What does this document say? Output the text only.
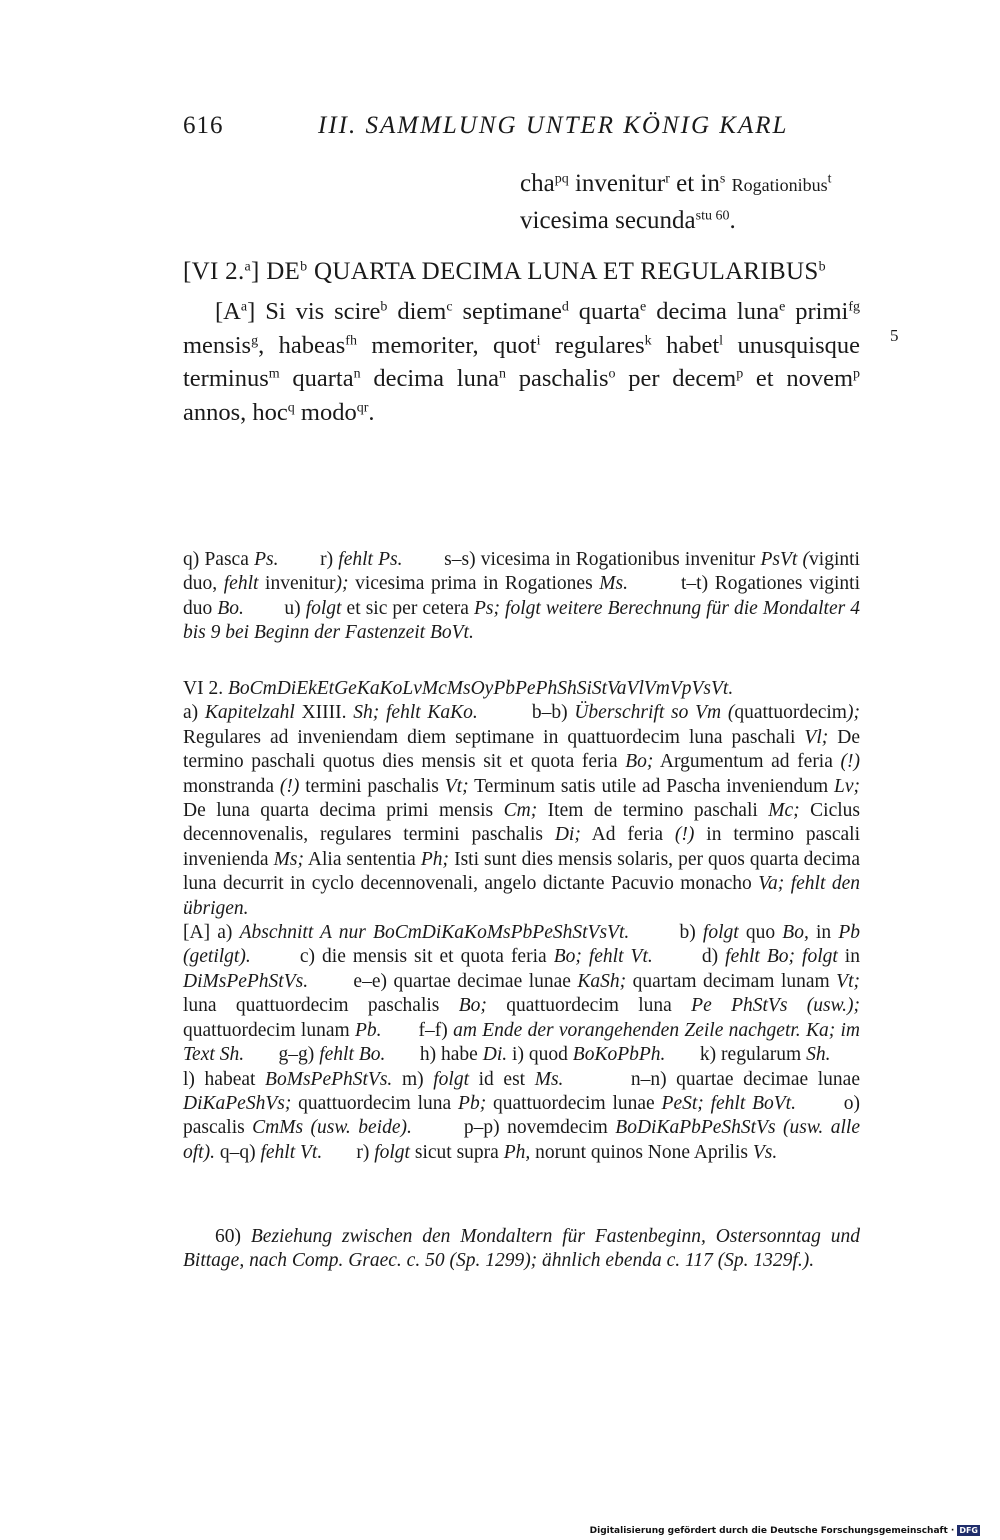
616	III. SAMMLUNG UNTER KÖNIG KARL
cha$^{pq}$ invenitur$^r$ et $in^s$ Rogationibus$^t$
vicesima secunda$^{stu 60}$.
[VI 2.$^a$] $DE^b$ QUARTA DECIMA LUNA ET REGULARIBUS$^b$
$[A^a]$ Si vis scire$^b$ diem$^c$ septimane$^d$ quarta$^e$ decima luna$^e$ primi$^{fg}$ mensis$^g$, habeas$^{fh}$ memoriter, quot$^i$ regulares$^k$ habet$^l$ unusquisque terminus$^m$ quarta$^n$ decima luna$^n$ paschalis$^o$ per decem$^p$ et novem$^p$ annos, hoc$^q$ modo$^{qr}$.
5
q) Pasca Ps.        r) fehlt Ps.        s–s) vicesima in Rogationibus invenitur PsVt (viginti duo, fehlt invenitur); vicesima prima in Rogationes Ms.        t–t) Rogationes viginti duo Bo.        u) folgt et sic per cetera Ps; folgt weitere Berechnung für die Mondalter 4 bis 9 bei Beginn der Fastenzeit BoVt.

VI 2. BoCmDiEkEtGeKaKoLvMcMsOyPbPePhShSiStVaVlVmVpVsVt.

a) Kapitelzahl XIIII. Sh; fehlt KaKo.        b–b) Überschrift so Vm (quattuordecim); Regulares ad inveniendam diem septimane in quattuordecim luna paschali Vl; De termino paschali quotus dies mensis sit et quota feria Bo; Argumentum ad feria (!) monstranda (!) termini paschalis Vt; Terminum satis utile ad Pascha inveniendum Lv; De luna quarta decima primi mensis Cm; Item de termino paschali Mc; Ciclus decennovenalis, regulares termini paschalis Di; Ad feria (!) in termino pascali invenienda Ms; Alia sententia Ph; Isti sunt dies mensis solaris, per quos quarta decima luna decurrit in cyclo decennovenali, angelo dictante Pacuvio monacho Va; fehlt den übrigen.

[A] a) Abschnitt A nur BoCmDiKaKoMsPbPeShStVsVt.       b) folgt quo Bo, in Pb (getilgt).       c) die mensis sit et quota feria Bo; fehlt Vt.       d) fehlt Bo; folgt in DiMsPePhStVs.       e–e) quartae decimae lunae KaSh; quartam decimam lunam Vt; luna quattuordecim paschalis Bo; quattuordecim luna Pe PhStVs (usw.); quattuordecim lunam Pb.       f–f) am Ende der vorangehenden Zeile nachgetr. Ka; im Text Sh.       g–g) fehlt Bo.       h) habe Di. i) quod BoKoPbPh.       k) regularum Sh.       l) habeat BoMsPePhStVs. m) folgt id est Ms.       n–n) quartae decimae lunae DiKaPeShVs; quattuordecim luna Pb; quattuordecim lunae PeSt; fehlt BoVt.       o) pascalis CmMs (usw. beide).       p–p) novemdecim BoDiKaPbPeShStVs (usw. alle oft). q–q) fehlt Vt.       r) folgt sicut supra Ph, norunt quinos None Aprilis Vs.

60) Beziehung zwischen den Mondaltern für Fastenbeginn, Ostersonntag und Bittage, nach Comp. Graec. c. 50 (Sp. 1299); ähnlich ebenda c. 117 (Sp. 1329f.).
Digitalisierung gefördert durch die Deutsche Forschungsgemeinschaft · DFG
